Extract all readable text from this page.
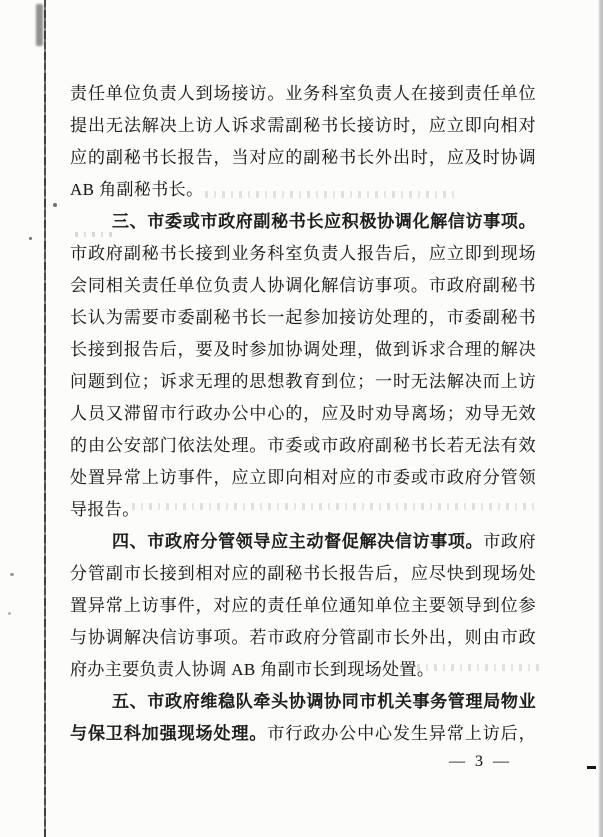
责任单位负责人到场接访。业务科室负责人在接到责任单位
提出无法解决上访人诉求需副秘书长接访时，应立即向相对
应的副秘书长报告，当对应的副秘书长外出时，应及时协调
AB 角副秘书长。
三、市委或市政府副秘书长应积极协调化解信访事项。
市政府副秘书长接到业务科室负责人报告后，应立即到现场
会同相关责任单位负责人协调化解信访事项。市政府副秘书
长认为需要市委副秘书长一起参加接访处理的，市委副秘书
长接到报告后，要及时参加协调处理，做到诉求合理的解决
问题到位；诉求无理的思想教育到位；一时无法解决而上访
人员又滞留市行政办公中心的，应及时劝导离场；劝导无效
的由公安部门依法处理。市委或市政府副秘书长若无法有效
处置异常上访事件，应立即向相对应的市委或市政府分管领
导报告。
四、市政府分管领导应主动督促解决信访事项。市政府
分管副市长接到相对应的副秘书长报告后，应尽快到现场处
置异常上访事件，对应的责任单位通知单位主要领导到位参
与协调解决信访事项。若市政府分管副市长外出，则由市政
府办主要负责人协调 AB 角副市长到现场处置。
五、市政府维稳队牵头协调协同市机关事务管理局物业
与保卫科加强现场处理。市行政办公中心发生异常上访后，
— 3 —
